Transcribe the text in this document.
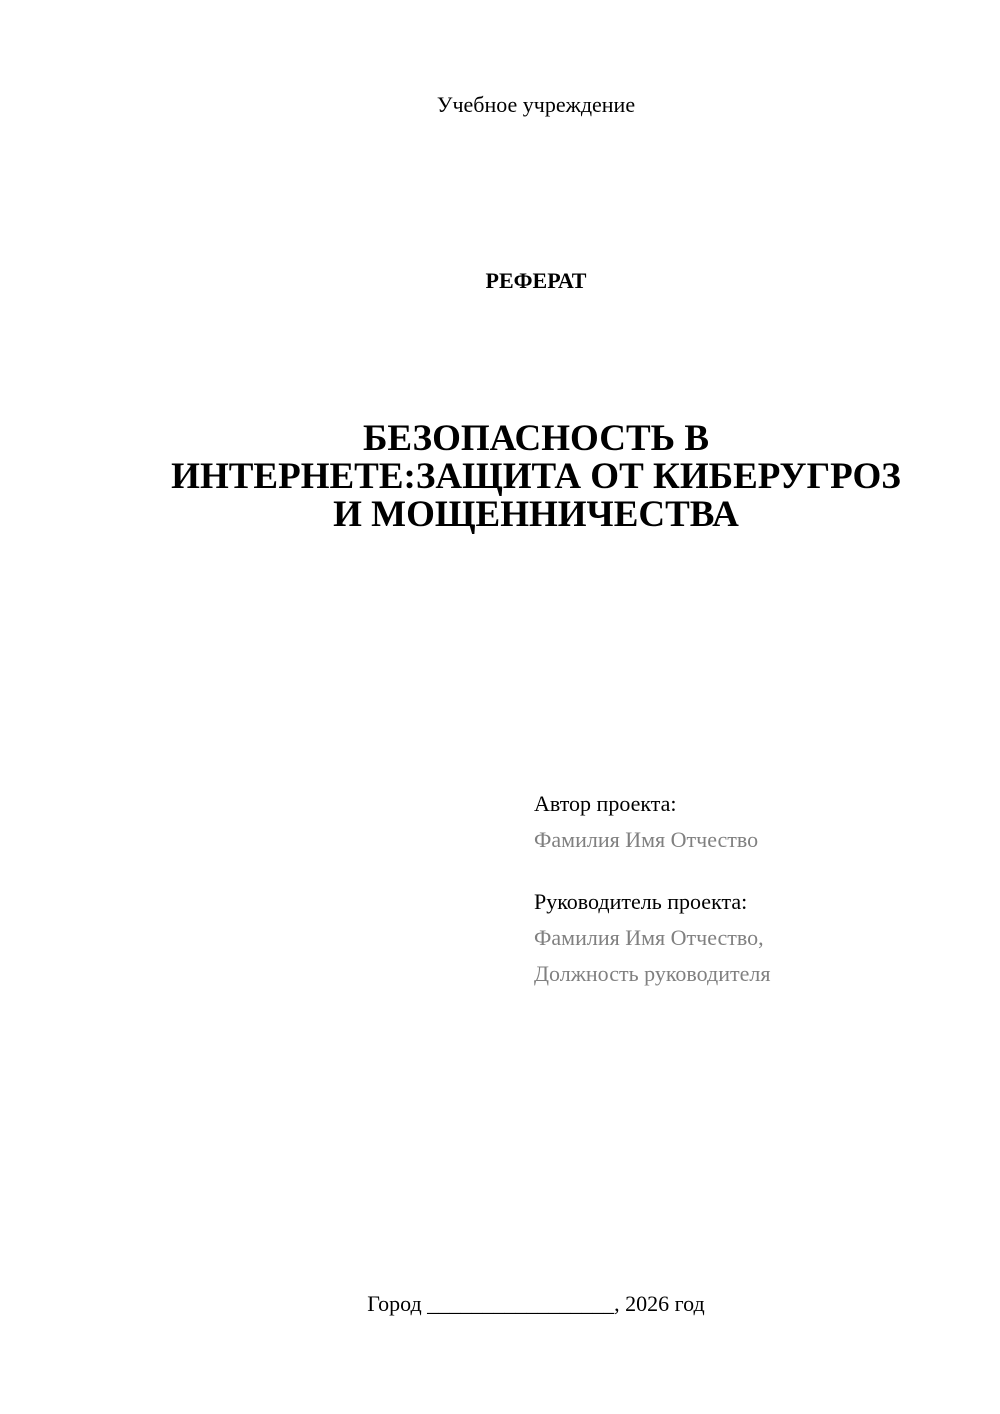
Учебное учреждение
РЕФЕРАТ
БЕЗОПАСНОСТЬ В
ИНТЕРНЕТЕ:ЗАЩИТА ОТ КИБЕРУГРОЗ
И МОЩЕННИЧЕСТВА
Автор проекта:
Фамилия Имя Отчество
Руководитель проекта:
Фамилия Имя Отчество,
Должность руководителя
Город _________________, 2026 год
